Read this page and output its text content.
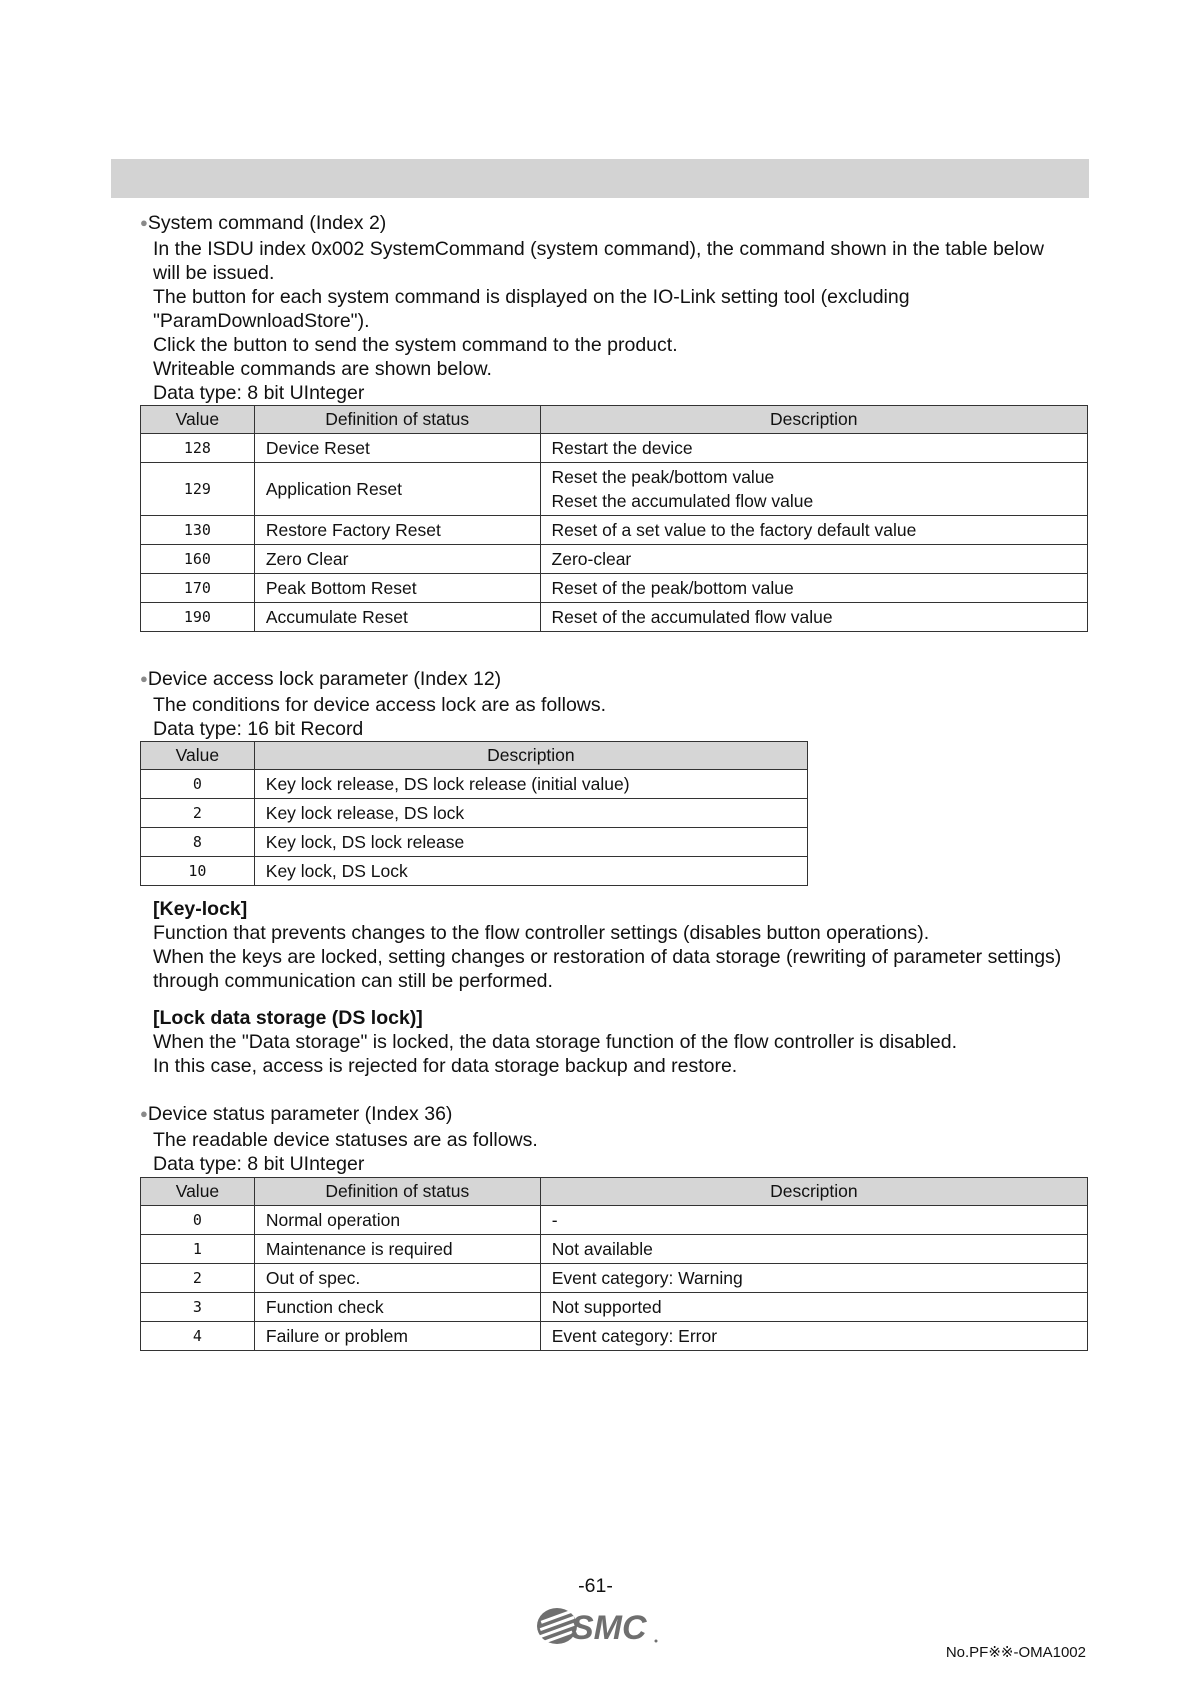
●System command (Index 2)
In the ISDU index 0x002 SystemCommand (system command), the command shown in the table below
will be issued.
The button for each system command is displayed on the IO-Link setting tool (excluding
"ParamDownloadStore").
Click the button to send the system command to the product.
Writeable commands are shown below.
Data type: 8 bit UInteger
Value	Definition of status	Description
128	Device Reset	Restart the device
129	Application Reset	Reset the peak/bottom value
Reset the accumulated flow value

130	Restore Factory Reset	Reset of a set value to the factory default value
160	Zero Clear	Zero-clear
170	Peak Bottom Reset	Reset of the peak/bottom value
190	Accumulate Reset	Reset of the accumulated flow value
●Device access lock parameter (Index 12)
The conditions for device access lock are as follows.
Data type: 16 bit Record
Value	Description
0	Key lock release, DS lock release (initial value)
2	Key lock release, DS lock
8	Key lock, DS lock release
10	Key lock, DS Lock
[Key-lock]
Function that prevents changes to the flow controller settings (disables button operations).
When the keys are locked, setting changes or restoration of data storage (rewriting of parameter settings)
through communication can still be performed.
[Lock data storage (DS lock)]
When the "Data storage" is locked, the data storage function of the flow controller is disabled.
In this case, access is rejected for data storage backup and restore.
●Device status parameter (Index 36)
The readable device statuses are as follows.
Data type: 8 bit UInteger
Value	Definition of status	Description
0	Normal operation	-
1	Maintenance is required	Not available
2	Out of spec.	Event category: Warning
3	Function check	Not supported
4	Failure or problem	Event category: Error
-61-
SMC
No.PF※※-OMA1002
